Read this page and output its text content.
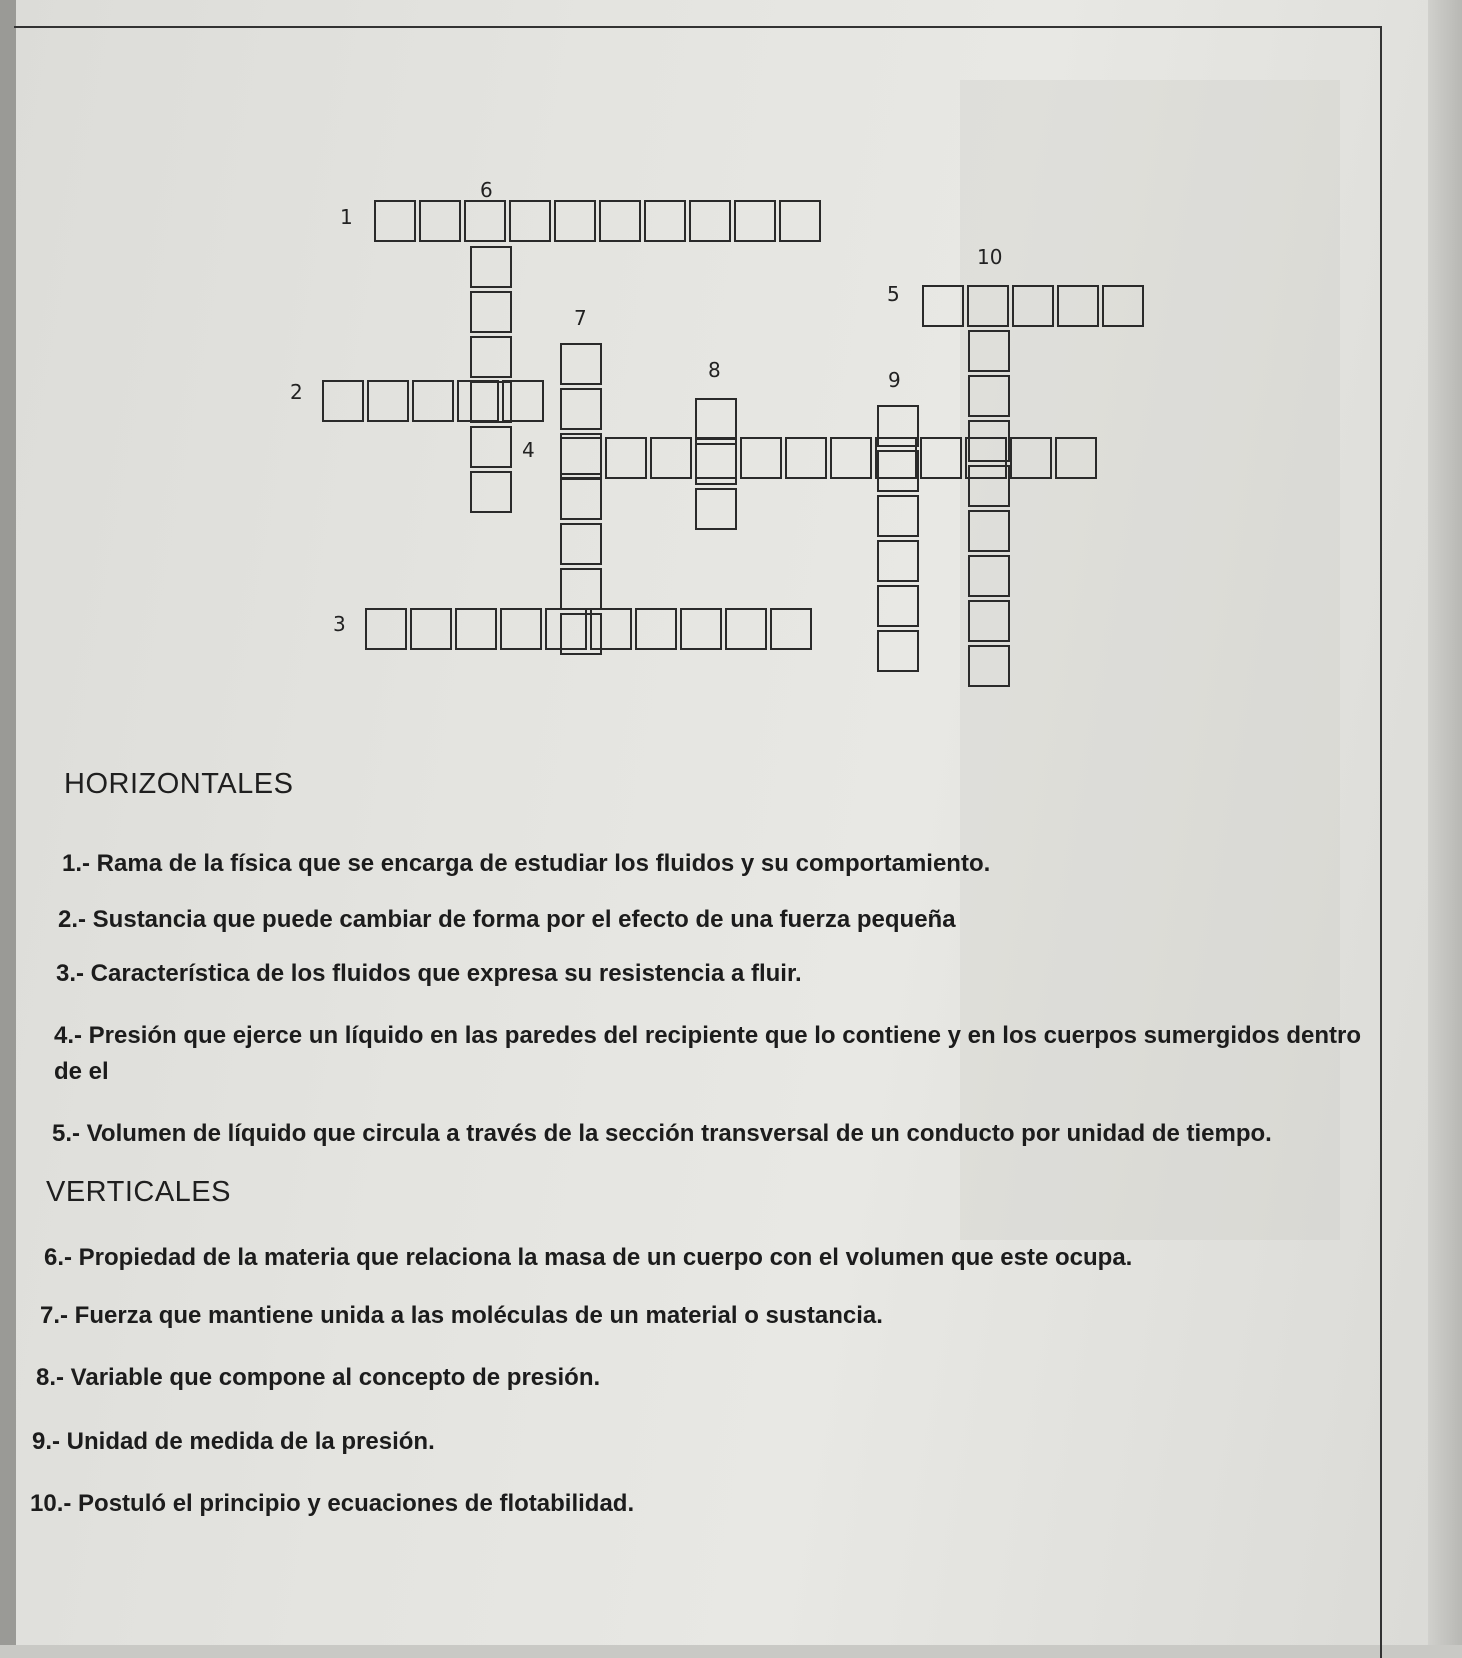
6
1
10
5
7
8	9
2
4
3
HORIZONTALES
1.- Rama de la física que se encarga de estudiar los fluidos y su comportamiento.
2.- Sustancia que puede cambiar de forma por el efecto de una fuerza pequeña
3.- Característica de los fluidos que expresa su resistencia a fluir.
4.- Presión que ejerce un líquido en las paredes del recipiente que lo contiene y en los cuerpos sumergidos dentro de el
5.- Volumen de líquido que circula a través de la sección transversal de un conducto por unidad de tiempo.
VERTICALES
6.- Propiedad de la materia que relaciona la masa de un cuerpo con el volumen que este ocupa.
7.- Fuerza que mantiene unida a las moléculas de un material o sustancia.
8.- Variable que compone al concepto de presión.
9.- Unidad de medida de la presión.
10.- Postuló el principio y ecuaciones de flotabilidad.
